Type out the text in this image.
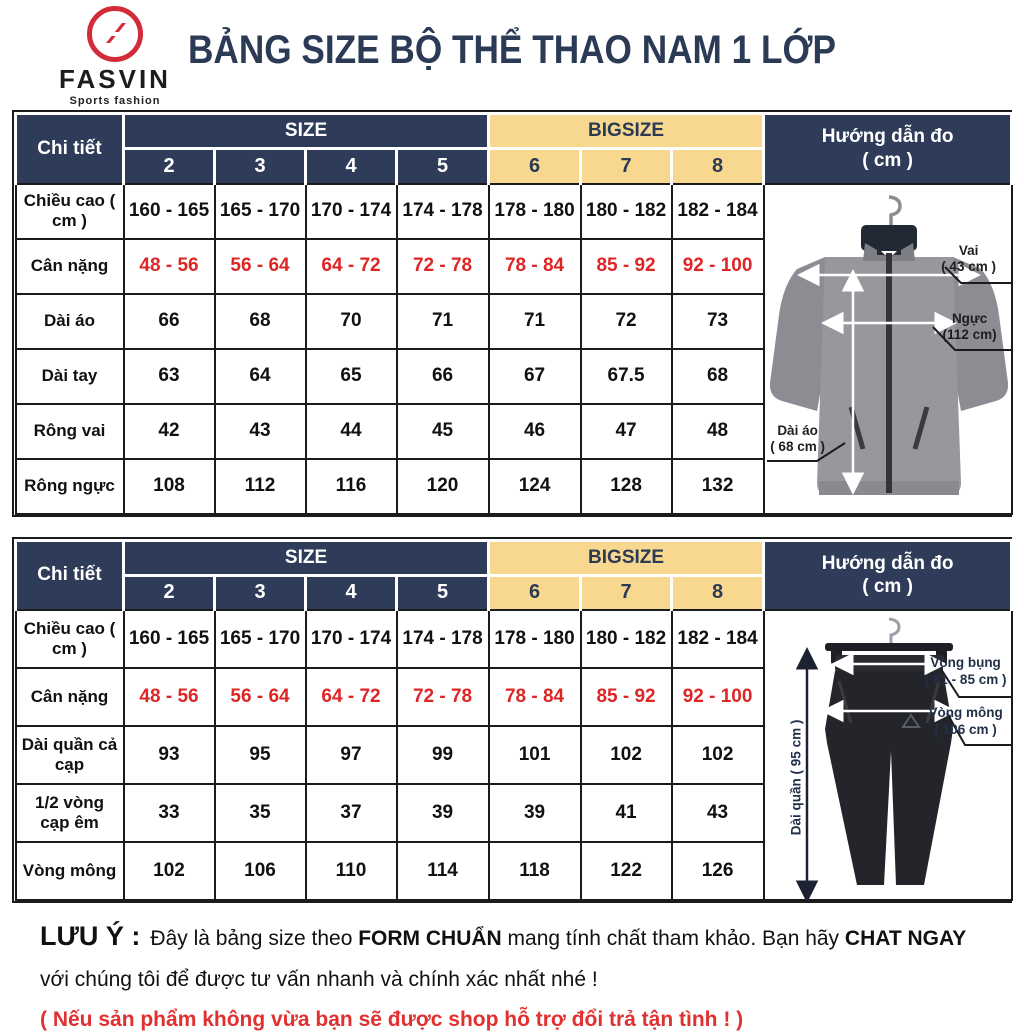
FASVIN
Sports fashion
BẢNG SIZE BỘ THỂ THAO NAM 1 LỚP
Chi tiết	SIZE				BIGSIZE			Hướng dẫn đo
( cm )

	2	3	4	5	6	7	8	
Chiều cao ( cm )	160 - 165	165 - 170	170 - 174	174 - 178	178 - 180	180 - 182	182 - 184	
Vai
( 43 cm )
Ngực
(112 cm)
Dài áo
( 68 cm )

Cân nặng	48 - 56	56 - 64	64 - 72	72 - 78	78 - 84	85 - 92	92 - 100	
Dài áo	66	68	70	71	71	72	73	
Dài tay	63	64	65	66	67	67.5	68	
Rông vai	42	43	44	45	46	47	48	
Rông ngực	108	112	116	120	124	128	132	
Chi tiết	SIZE				BIGSIZE			Hướng dẫn đo
( cm )

	2	3	4	5	6	7	8	
Chiều cao ( cm )	160 - 165	165 - 170	170 - 174	174 - 178	178 - 180	180 - 182	182 - 184	Vòng bụng
( 81 - 85 cm )
Vòng mông
( 106 cm )
Dài quần ( 95 cm )

Cân nặng	48 - 56	56 - 64	64 - 72	72 - 78	78 - 84	85 - 92	92 - 100	
Dài quần cả cạp	93	95	97	99	101	102	102	
1/2 vòng cạp êm	33	35	37	39	39	41	43	
Vòng mông	102	106	110	114	118	122	126	
LƯU Ý : Đây là bảng size theo FORM CHUẨN mang tính chất tham khảo. Bạn hãy CHAT NGAY
với chúng tôi để được tư vấn nhanh và chính xác nhất nhé !
( Nếu sản phẩm không vừa bạn sẽ được shop hỗ trợ đổi trả tận tình ! )
